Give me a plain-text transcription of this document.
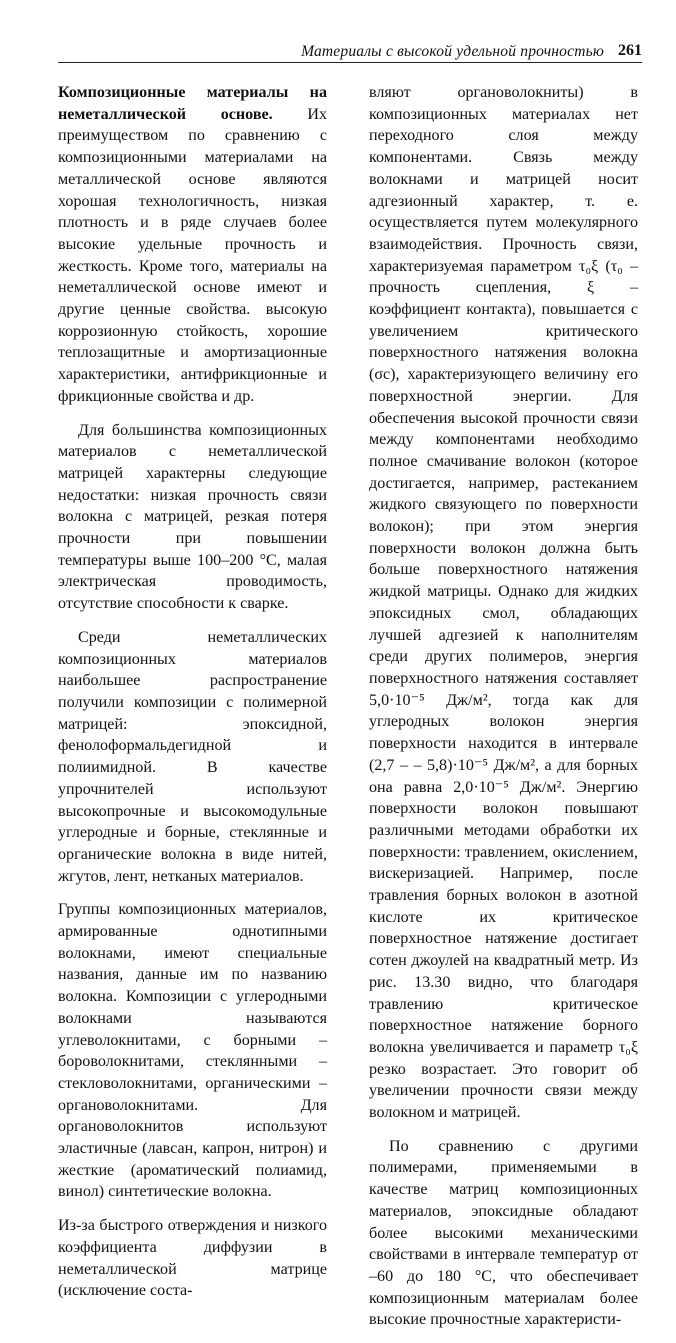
Материалы с высокой удельной прочностью 261

Композиционные материалы на неметаллической основе. Их преимуществом по сравнению с композиционными материалами на металлической основе являются хорошая технологичность, низкая плотность и в ряде случаев более высокие удельные прочность и жесткость. Кроме того, материалы на неметаллической основе имеют и другие ценные свойства. высокую коррозионную стойкость, хорошие теплозащитные и амортизационные характеристики, антифрикционные и фрикционные свойства и др.

Для большинства композиционных материалов с неметаллической матрицей характерны следующие недостатки: низкая прочность связи волокна с матрицей, резкая потеря прочности при повышении температуры выше 100–200 °С, малая электрическая проводимость, отсутствие способности к сварке.

Среди неметаллических композиционных материалов наибольшее распространение получили композиции с полимерной матрицей: эпоксидной, фенолоформальдегидной и полиимидной. В качестве упрочнителей используют высокопрочные и высокомодульные углеродные и борные, стеклянные и органические волокна в виде нитей, жгутов, лент, нетканых материалов.

Группы композиционных материалов, армированные однотипными волокнами, имеют специальные названия, данные им по названию волокна. Композиции с углеродными волокнами называются углеволокнитами, с борными – бороволокнитами, стеклянными – стекловолокнитами, органическими – органоволокнитами. Для органоволокнитов используют эластичные (лавсан, капрон, нитрон) и жесткие (ароматический полиамид, винол) синтетические волокна.

Из-за быстрого отверждения и низкого коэффициента диффузии в неметаллической матрице (исключение соста-

вляют органоволокниты) в композиционных материалах нет переходного слоя между компонентами. Связь между волокнами и матрицей носит адгезионный характер, т. е. осуществляется путем молекулярного взаимодействия. Прочность связи, характеризуемая параметром τ₀ξ (τ₀ – прочность сцепления, ξ – коэффициент контакта), повышается с увеличением критического поверхностного натяжения волокна (σс), характеризующего величину его поверхностной энергии. Для обеспечения высокой прочности связи между компонентами необходимо полное смачивание волокон (которое достигается, например, растеканием жидкого связующего по поверхности волокон); при этом энергия поверхности волокон должна быть больше поверхностного натяжения жидкой матрицы. Однако для жидких эпоксидных смол, обладающих лучшей адгезией к наполнителям среди других полимеров, энергия поверхностного натяжения составляет 5,0·10⁻⁵ Дж/м², тогда как для углеродных волокон энергия поверхности находится в интервале (2,7 – – 5,8)·10⁻⁵ Дж/м², а для борных она равна 2,0·10⁻⁵ Дж/м². Энергию поверхности волокон повышают различными методами обработки их поверхности: травлением, окислением, вискеризацией. Например, после травления борных волокон в азотной кислоте их критическое поверхностное натяжение достигает сотен джоулей на квадратный метр. Из рис. 13.30 видно, что благодаря травлению критическое поверхностное натяжение борного волокна увеличивается и параметр τ₀ξ резко возрастает. Это говорит об увеличении прочности связи между волокном и матрицей.

По сравнению с другими полимерами, применяемыми в качестве матриц композиционных материалов, эпоксидные обладают более высокими механическими свойствами в интервале температур от –60 до 180 °С, что обеспечивает композиционным материалам более высокие прочностные характеристи-
